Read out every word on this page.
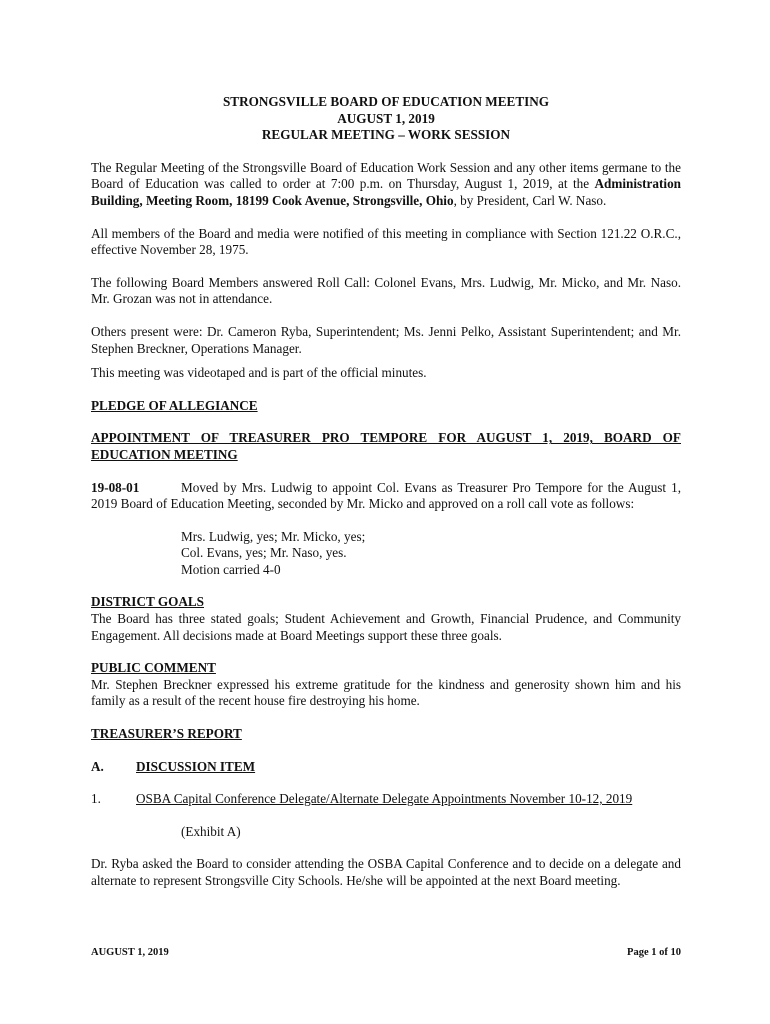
STRONGSVILLE BOARD OF EDUCATION MEETING
AUGUST 1, 2019
REGULAR MEETING – WORK SESSION

The Regular Meeting of the Strongsville Board of Education Work Session and any other items germane to the Board of Education was called to order at 7:00 p.m. on Thursday, August 1, 2019, at the Administration Building, Meeting Room, 18199 Cook Avenue, Strongsville, Ohio, by President, Carl W. Naso.

All members of the Board and media were notified of this meeting in compliance with Section 121.22 O.R.C., effective November 28, 1975.

The following Board Members answered Roll Call: Colonel Evans, Mrs. Ludwig, Mr. Micko, and Mr. Naso. Mr. Grozan was not in attendance.

Others present were: Dr. Cameron Ryba, Superintendent; Ms. Jenni Pelko, Assistant Superintendent; and Mr. Stephen Breckner, Operations Manager.

This meeting was videotaped and is part of the official minutes.

PLEDGE OF ALLEGIANCE

APPOINTMENT OF TREASURER PRO TEMPORE FOR AUGUST 1, 2019, BOARD OF EDUCATION MEETING

19-08-01	Moved by Mrs. Ludwig to appoint Col. Evans as Treasurer Pro Tempore for the August 1, 2019 Board of Education Meeting, seconded by Mr. Micko and approved on a roll call vote as follows:

Mrs. Ludwig, yes; Mr. Micko, yes;
Col. Evans, yes; Mr. Naso, yes.
Motion carried 4-0

DISTRICT GOALS

The Board has three stated goals; Student Achievement and Growth, Financial Prudence, and Community Engagement. All decisions made at Board Meetings support these three goals.

PUBLIC COMMENT

Mr. Stephen Breckner expressed his extreme gratitude for the kindness and generosity shown him and his family as a result of the recent house fire destroying his home.

TREASURER’S REPORT

A.	DISCUSSION ITEM
1.	OSBA Capital Conference Delegate/Alternate Delegate Appointments November 10-12, 2019

(Exhibit A)

Dr. Ryba asked the Board to consider attending the OSBA Capital Conference and to decide on a delegate and alternate to represent Strongsville City Schools. He/she will be appointed at the next Board meeting.

AUGUST 1, 2019	Page 1 of 10
